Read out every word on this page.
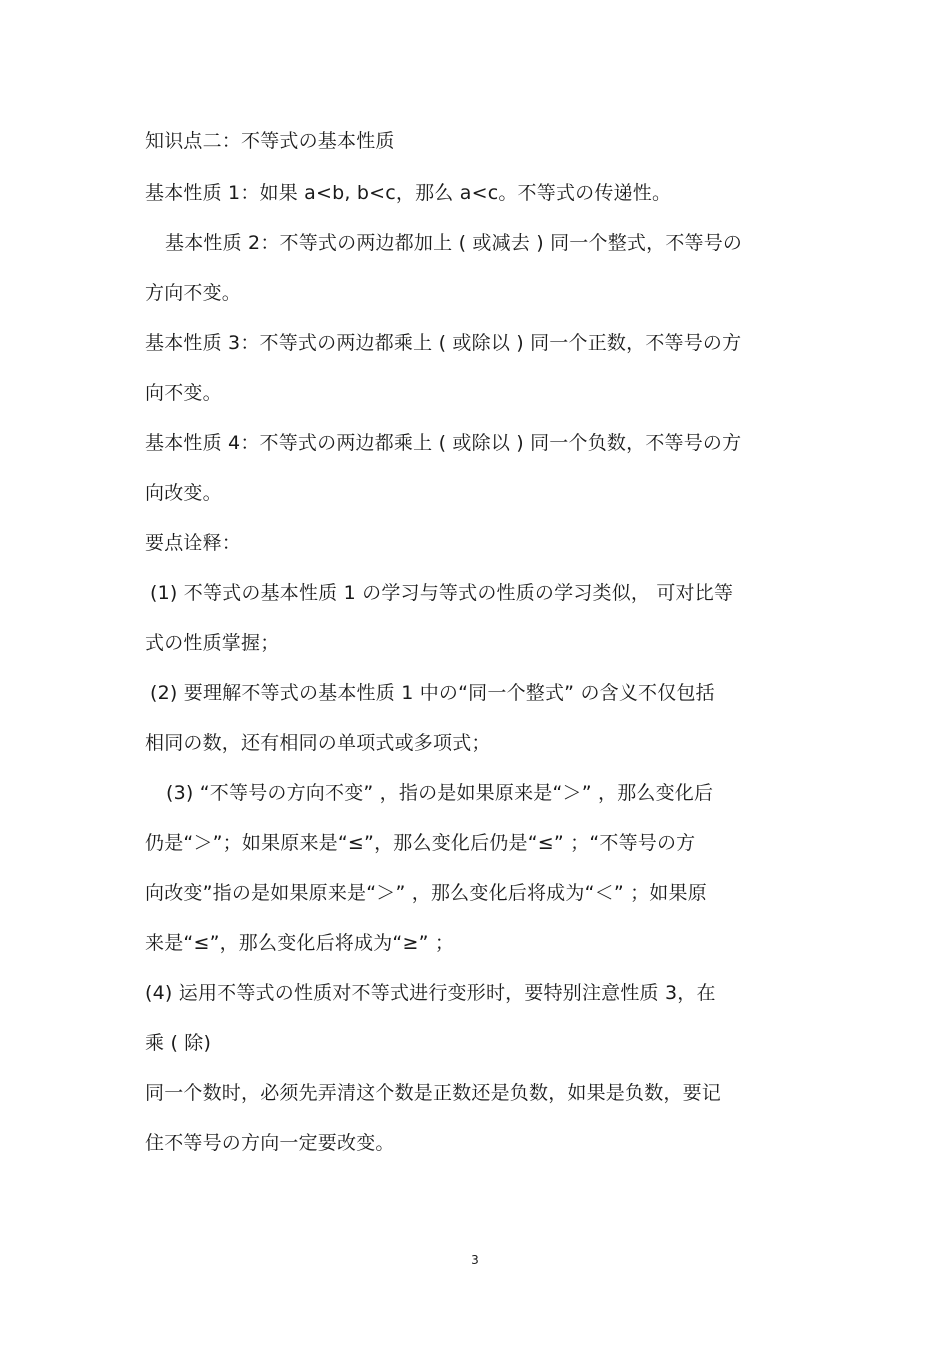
知识点二：不等式の基本性质
基本性质 1：如果 a<b, b<c，那么 a<c。不等式の传递性。
基本性质 2：不等式の两边都加上 ( 或减去 ) 同一个整式，不等号の
方向不变。
基本性质 3：不等式の两边都乘上 ( 或除以 ) 同一个正数，不等号の方
向不变。
基本性质 4：不等式の两边都乘上 ( 或除以 ) 同一个负数，不等号の方
向改变。
要点诠释：
(1) 不等式の基本性质 1 の学习与等式の性质の学习类似， 可对比等
式の性质掌握；
(2) 要理解不等式の基本性质 1 中の“同一个整式” の含义不仅包括
相同の数，还有相同の单项式或多项式；
(3) “不等号の方向不变” ，指の是如果原来是“＞” ，那么变化后
仍是“＞”；如果原来是“≤”，那么变化后仍是“≤” ；“不等号の方
向改变”指の是如果原来是“＞” ，那么变化后将成为“＜” ；如果原
来是“≤”，那么变化后将成为“≥” ；
(4) 运用不等式の性质对不等式进行变形时，要特别注意性质 3，在
乘 ( 除)
同一个数时，必须先弄清这个数是正数还是负数，如果是负数，要记
住不等号の方向一定要改变。
3
